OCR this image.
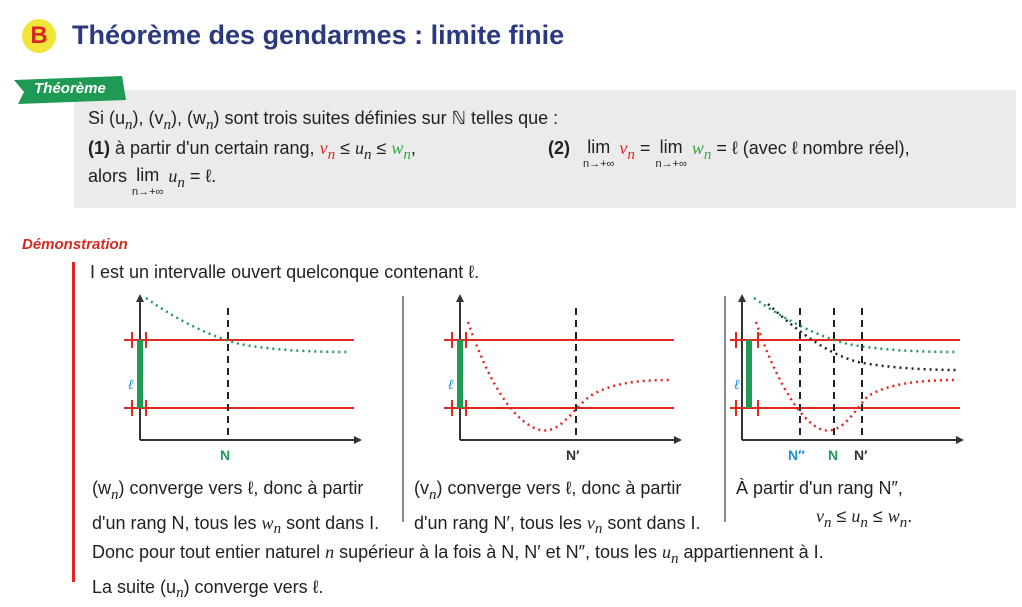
B Théorème des gendarmes : limite finie
Théorème
Si $(u_n)$, $(v_n)$, $(w_n)$ sont trois suites définies sur ℕ telles que :
(1) à partir d'un certain rang, $v_n \le u_n \le w_n$,	(2) lim
n→+∞
$v_n = \lim$
n→+∞
$w_n$ = ℓ (avec ℓ nombre réel),
alors lim
n→+∞
$u_n$ = ℓ.
Démonstration
I est un intervalle ouvert quelconque contenant ℓ.
ℓ
N
ℓ
N′
ℓ
N″ N N′
$(w_n)$ converge vers ℓ, donc à partir
d'un rang N, tous les $w_n$ sont dans I.
$(v_n)$ converge vers ℓ, donc à partir
d'un rang N′, tous les $v_n$ sont dans I.
À partir d'un rang N″,
$v_n \le u_n \le w_n$.
Donc pour tout entier naturel n supérieur à la fois à N, N′ et N″, tous les $u_n$ appartiennent à I.
La suite $(u_n)$ converge vers ℓ.
